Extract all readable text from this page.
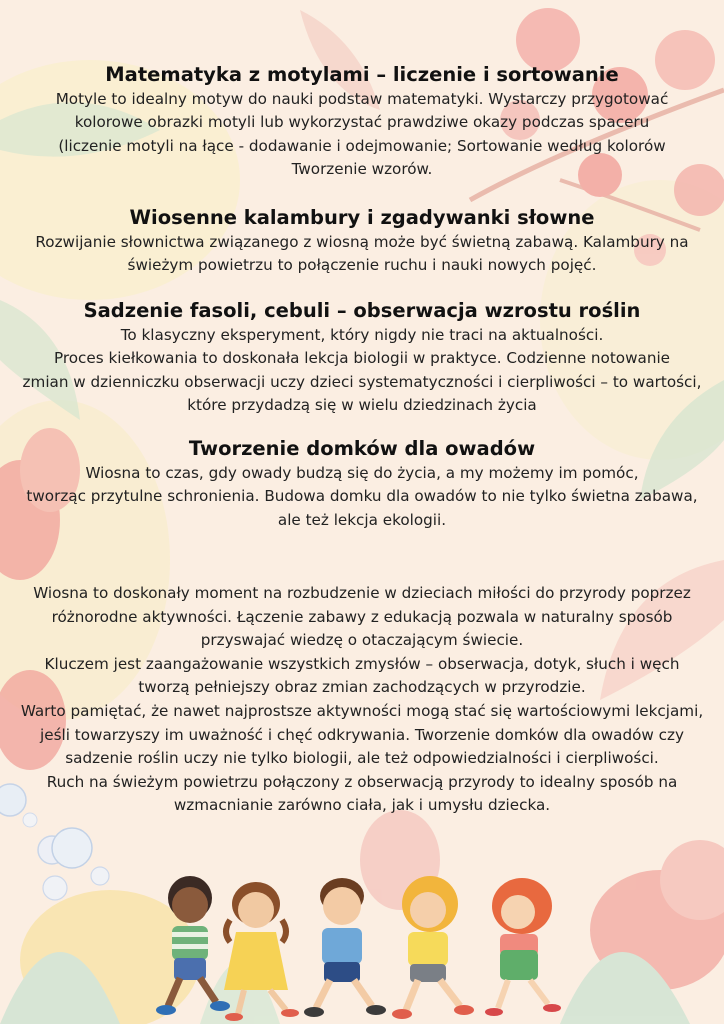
Matematyka z motylami – liczenie i sortowanie

Motyle to idealny motyw do nauki podstaw matematyki. Wystarczy przygotować

kolorowe obrazki motyli lub wykorzystać prawdziwe okazy podczas spaceru

(liczenie motyli na łące - dodawanie i odejmowanie; Sortowanie według kolorów

Tworzenie wzorów.

Wiosenne kalambury i zgadywanki słowne

Rozwijanie słownictwa związanego z wiosną może być świetną zabawą. Kalambury na

świeżym powietrzu to połączenie ruchu i nauki nowych pojęć.

Sadzenie fasoli, cebuli – obserwacja wzrostu roślin

To klasyczny eksperyment, który nigdy nie traci na aktualności.

Proces kiełkowania to doskonała lekcja biologii w praktyce. Codzienne notowanie

zmian w dzienniczku obserwacji uczy dzieci systematyczności i cierpliwości – to wartości,

które przydadzą się w wielu dziedzinach życia

Tworzenie domków dla owadów

Wiosna to czas, gdy owady budzą się do życia, a my możemy im pomóc,

tworząc przytulne schronienia. Budowa domku dla owadów to nie tylko świetna zabawa,

ale też lekcja ekologii.

Wiosna to doskonały moment na rozbudzenie w dzieciach miłości do przyrody poprzez

różnorodne aktywności. Łączenie zabawy z edukacją pozwala w naturalny sposób

przyswajać wiedzę o otaczającym świecie.

Kluczem jest zaangażowanie wszystkich zmysłów – obserwacja, dotyk, słuch i węch

tworzą pełniejszy obraz zmian zachodzących w przyrodzie.

Warto pamiętać, że nawet najprostsze aktywności mogą stać się wartościowymi lekcjami,

jeśli towarzyszy im uważność i chęć odkrywania. Tworzenie domków dla owadów czy

sadzenie roślin uczy nie tylko biologii, ale też odpowiedzialności i cierpliwości.

Ruch na świeżym powietrzu połączony z obserwacją przyrody to idealny sposób na

wzmacnianie zarówno ciała, jak i umysłu dziecka.
